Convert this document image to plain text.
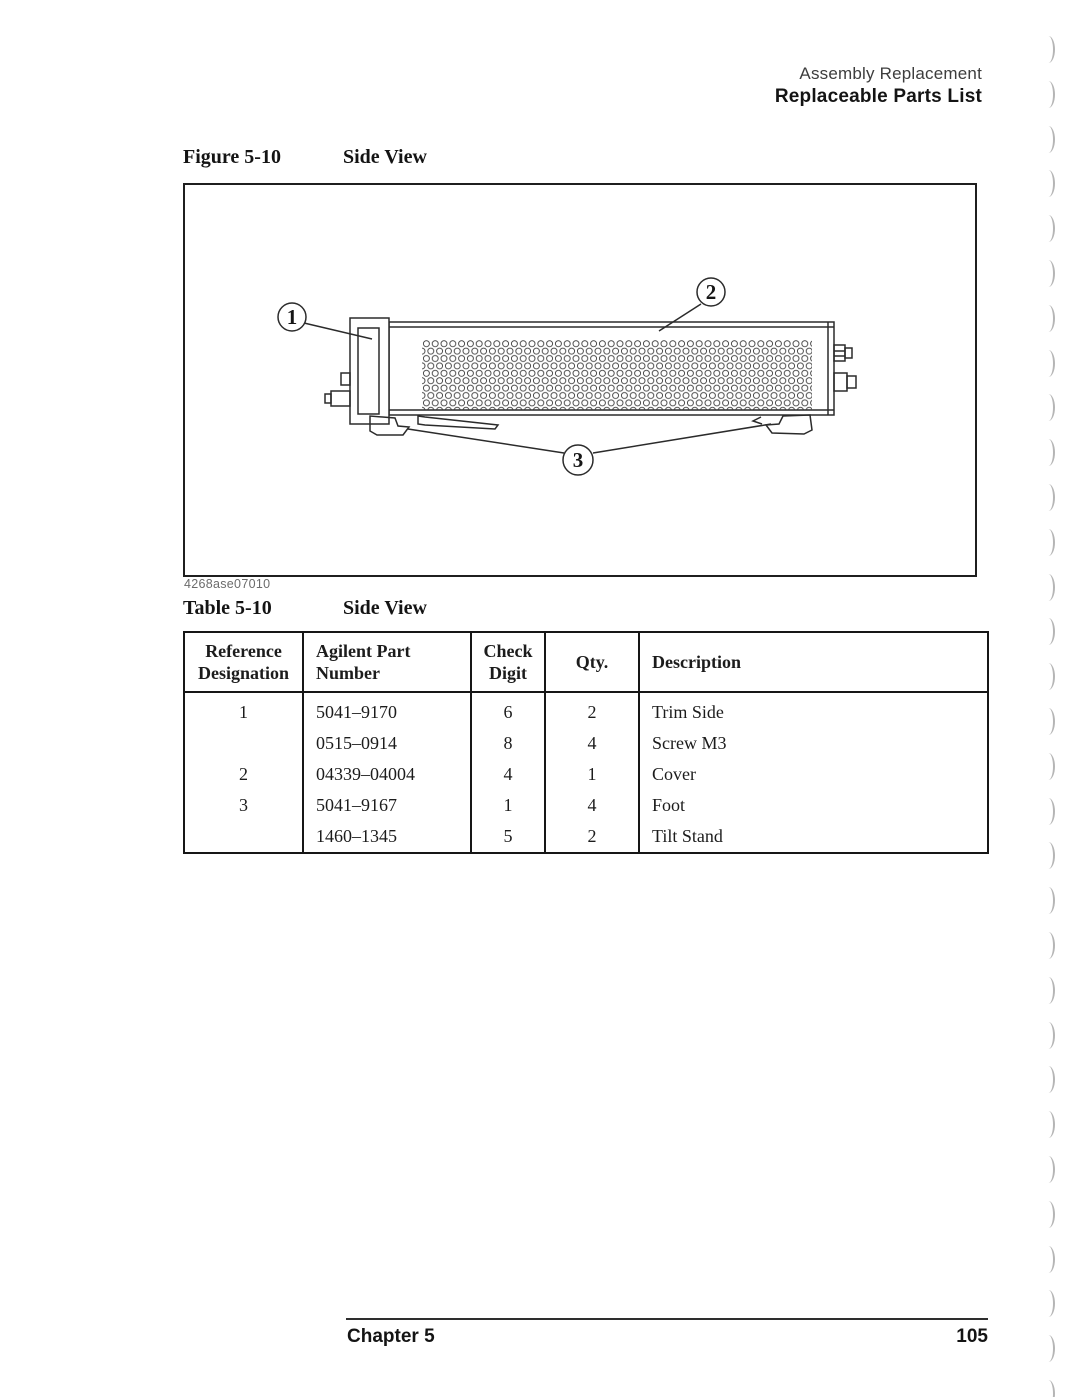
Assembly Replacement
Replaceable Parts List
Figure 5-10	Side View
1
2
3
4268ase07010
Table 5-10	Side View
Reference Designation	Agilent Part Number	Check Digit	Qty.	Description
1	5041–9170	6	2	Trim Side
	0515–0914	8	4	Screw M3
2	04339–04004	4	1	Cover
3	5041–9167	1	4	Foot
	1460–1345	5	2	Tilt Stand
Chapter 5	105
